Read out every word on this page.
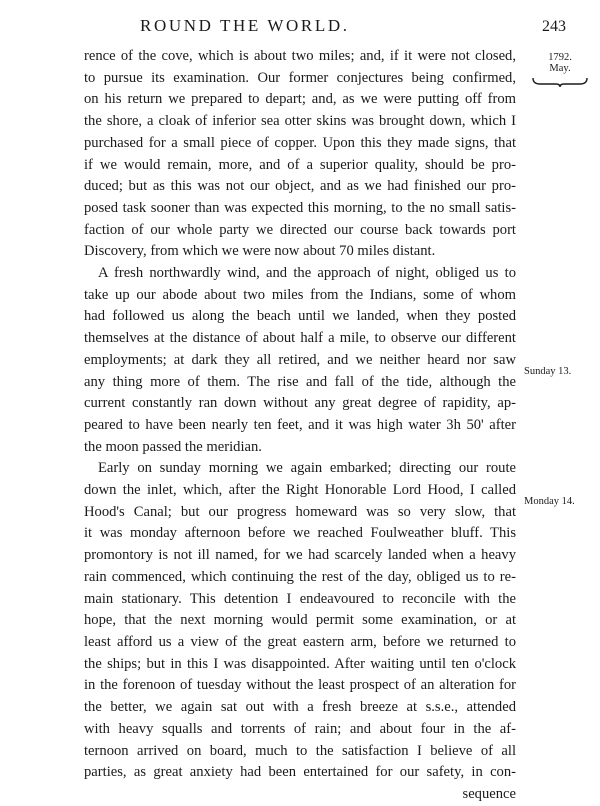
ROUND THE WORLD.	243
1792.
May.
Sunday 13.
Monday 14.
rence of the cove, which is about two miles; and, if it were not closed,
to pursue its examination. Our former conjectures being confirmed,
on his return we prepared to depart; and, as we were putting off from
the shore, a cloak of inferior sea otter skins was brought down, which I
purchased for a small piece of copper. Upon this they made signs, that
if we would remain, more, and of a superior quality, should be pro-
duced; but as this was not our object, and as we had finished our pro-
posed task sooner than was expected this morning, to the no small satis-
faction of our whole party we directed our course back towards port
Discovery, from which we were now about 70 miles distant.
A fresh northwardly wind, and the approach of night, obliged us to
take up our abode about two miles from the Indians, some of whom
had followed us along the beach until we landed, when they posted
themselves at the distance of about half a mile, to observe our different
employments; at dark they all retired, and we neither heard nor saw
any thing more of them. The rise and fall of the tide, although the
current constantly ran down without any great degree of rapidity, ap-
peared to have been nearly ten feet, and it was high water 3h 50' after
the moon passed the meridian.
Early on sunday morning we again embarked; directing our route
down the inlet, which, after the Right Honorable Lord Hood, I called
Hood's Canal; but our progress homeward was so very slow, that
it was monday afternoon before we reached Foulweather bluff. This
promontory is not ill named, for we had scarcely landed when a heavy
rain commenced, which continuing the rest of the day, obliged us to re-
main stationary. This detention I endeavoured to reconcile with the
hope, that the next morning would permit some examination, or at
least afford us a view of the great eastern arm, before we returned to
the ships; but in this I was disappointed. After waiting until ten o'clock
in the forenoon of tuesday without the least prospect of an alteration for
the better, we again sat out with a fresh breeze at s.s.e., attended
with heavy squalls and torrents of rain; and about four in the af-
ternoon arrived on board, much to the satisfaction I believe of all
parties, as great anxiety had been entertained for our safety, in con-
sequence
